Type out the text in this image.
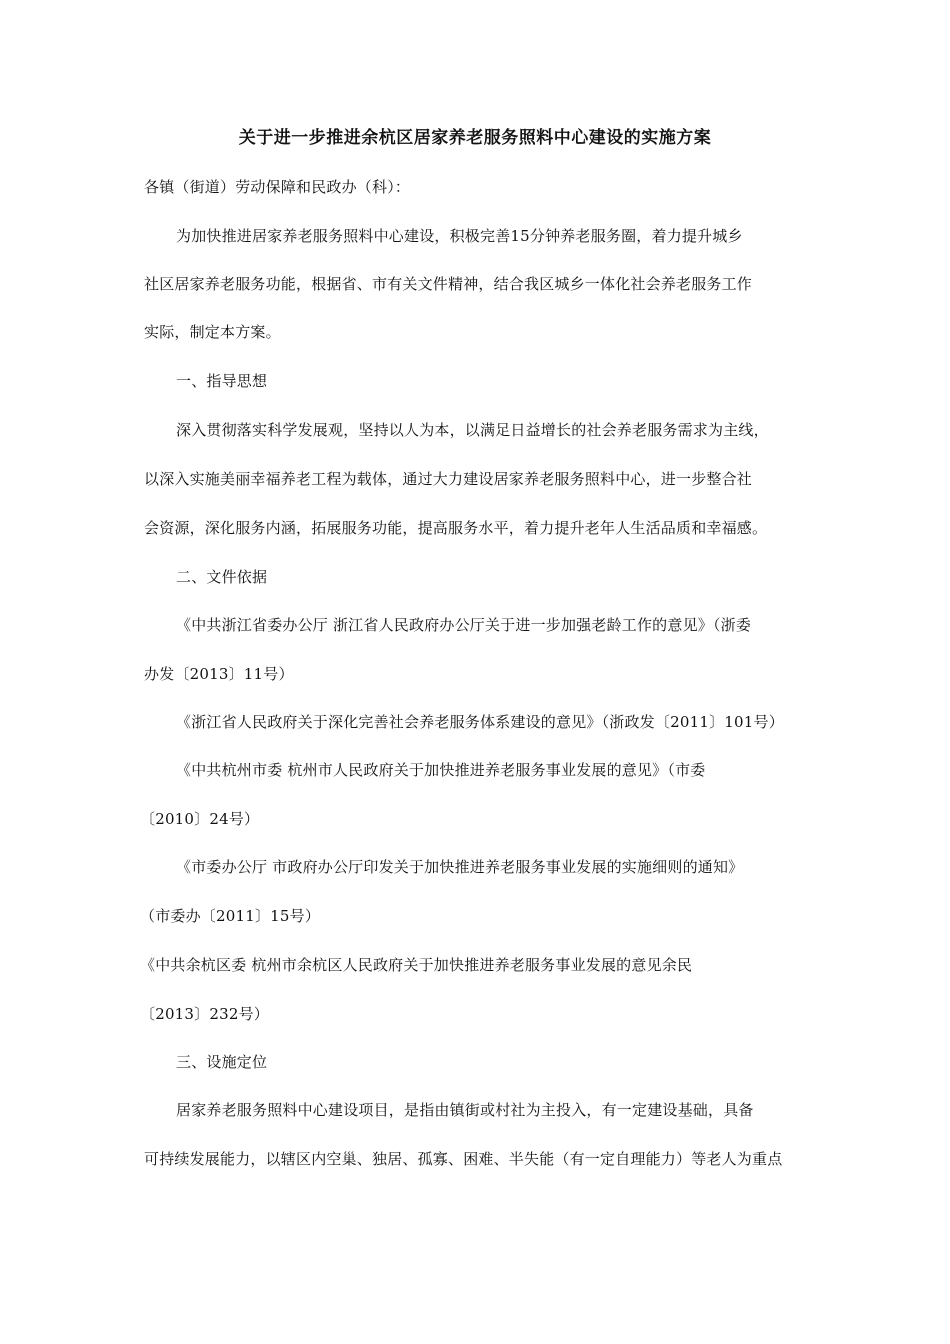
关于进一步推进余杭区居家养老服务照料中心建设的实施方案
各镇（街道）劳动保障和民政办（科）：
为加快推进居家养老服务照料中心建设，积极完善15分钟养老服务圈，着力提升城乡
社区居家养老服务功能，根据省、市有关文件精神，结合我区城乡一体化社会养老服务工作
实际，制定本方案。
一、指导思想
深入贯彻落实科学发展观，坚持以人为本，以满足日益增长的社会养老服务需求为主线，
以深入实施美丽幸福养老工程为载体，通过大力建设居家养老服务照料中心，进一步整合社
会资源，深化服务内涵，拓展服务功能，提高服务水平，着力提升老年人生活品质和幸福感。
二、文件依据
《中共浙江省委办公厅 浙江省人民政府办公厅关于进一步加强老龄工作的意见》（浙委
办发〔2013〕11号）
《浙江省人民政府关于深化完善社会养老服务体系建设的意见》（浙政发〔2011〕101号）
《中共杭州市委 杭州市人民政府关于加快推进养老服务事业发展的意见》（市委
〔2010〕24号）
《市委办公厅 市政府办公厅印发关于加快推进养老服务事业发展的实施细则的通知》
（市委办〔2011〕15号）
《中共余杭区委 杭州市余杭区人民政府关于加快推进养老服务事业发展的意见余民
〔2013〕232号）
三、设施定位
居家养老服务照料中心建设项目，是指由镇街或村社为主投入，有一定建设基础，具备
可持续发展能力，以辖区内空巢、独居、孤寡、困难、半失能（有一定自理能力）等老人为重点
